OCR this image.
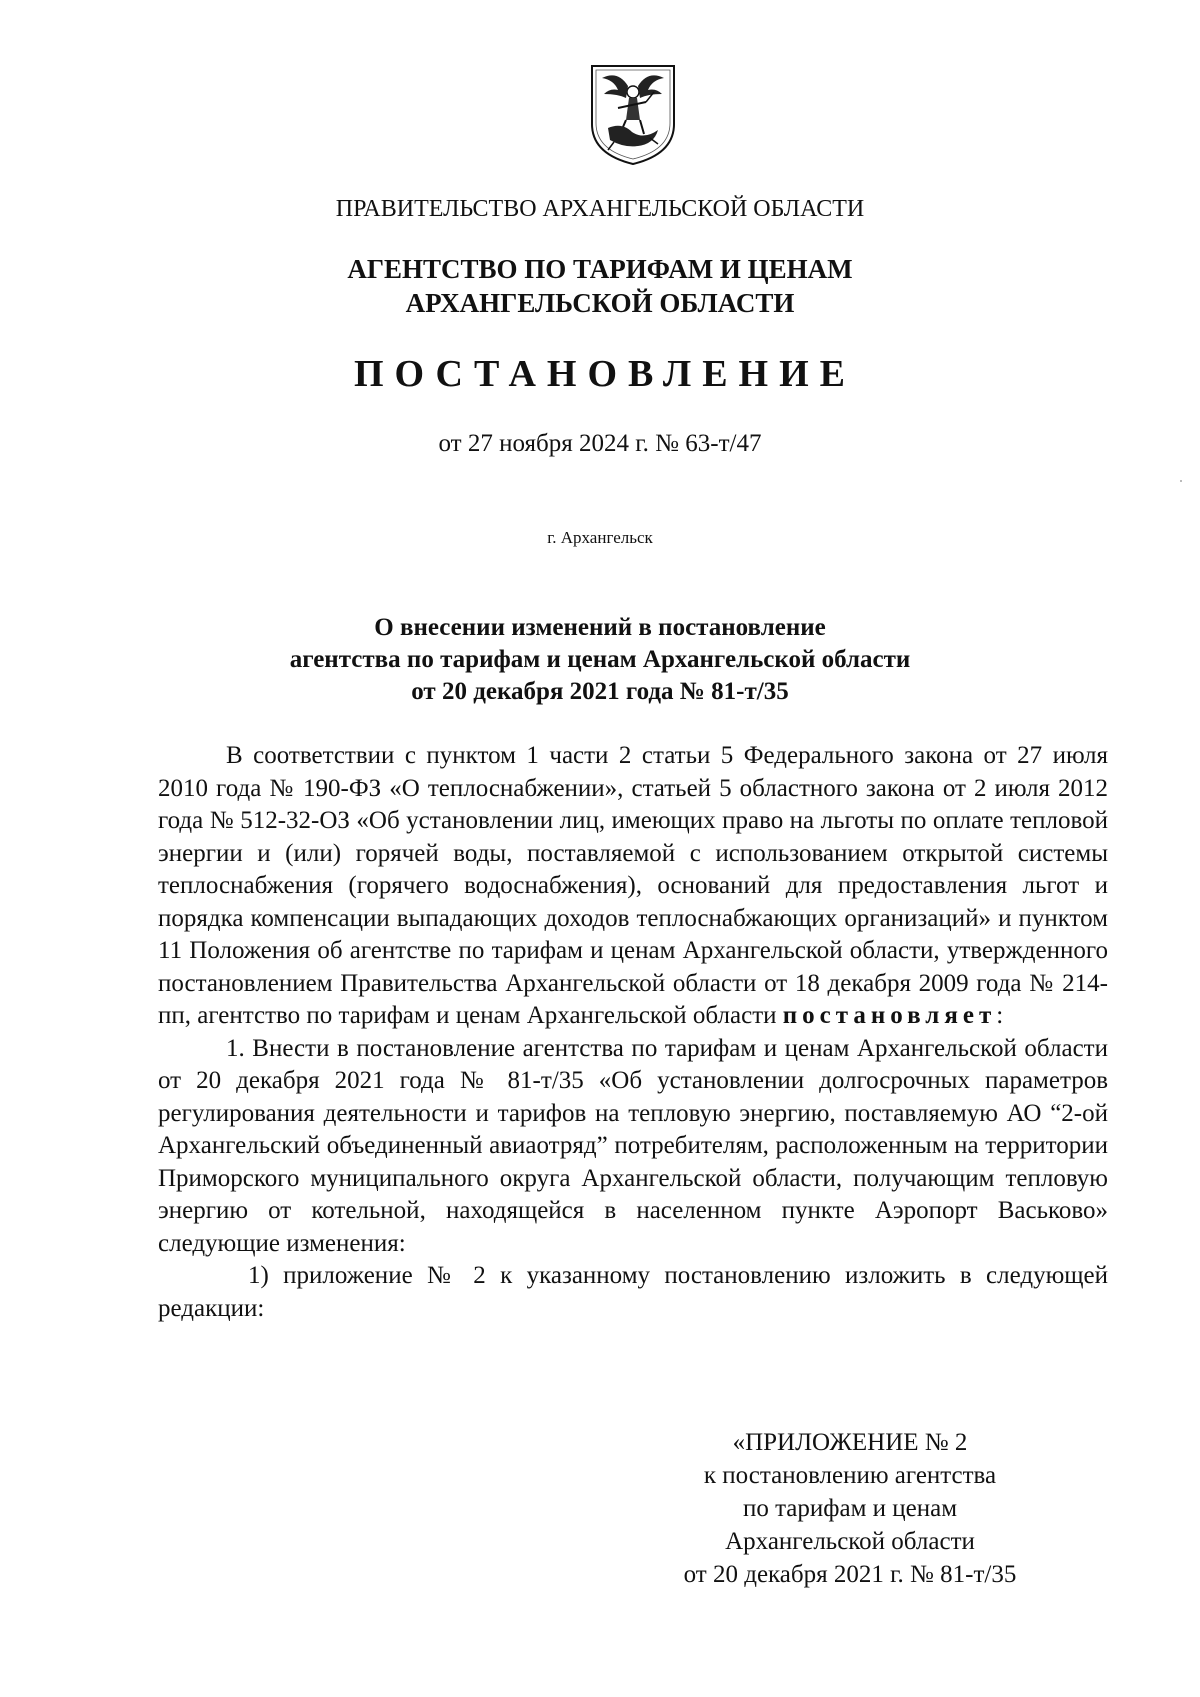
ПРАВИТЕЛЬСТВО АРХАНГЕЛЬСКОЙ ОБЛАСТИ
АГЕНТСТВО ПО ТАРИФАМ И ЦЕНАМ
АРХАНГЕЛЬСКОЙ ОБЛАСТИ
ПОСТАНОВЛЕНИЕ
от 27 ноября 2024 г. № 63-т/47
г. Архангельск
О внесении изменений в постановление
агентства по тарифам и ценам Архангельской области
от 20 декабря 2021 года № 81-т/35

В соответствии с пунктом 1 части 2 статьи 5 Федерального закона от 27 июля 2010 года № 190-ФЗ «О теплоснабжении», статьей 5 областного закона от 2 июля 2012 года № 512-32-ОЗ «Об установлении лиц, имеющих право на льготы по оплате тепловой энергии и (или) горячей воды, поставляемой с использованием открытой системы теплоснабжения (горячего водоснабжения), оснований для предоставления льгот и порядка компенсации выпадающих доходов теплоснабжающих организаций» и пунктом 11 Положения об агентстве по тарифам и ценам Архангельской области, утвержденного постановлением Правительства Архангельской области от 18 декабря 2009 года № 214-пп, агентство по тарифам и ценам Архангельской области постановляет:

1. Внести в постановление агентства по тарифам и ценам Архангельской области от 20 декабря 2021 года № 81-т/35 «Об установлении долгосрочных параметров регулирования деятельности и тарифов на тепловую энергию, поставляемую АО “2-ой Архангельский объединенный авиаотряд” потребителям, расположенным на территории Приморского муниципального округа Архангельской области, получающим тепловую энергию от котельной, находящейся в населенном пункте Аэропорт Васьково» следующие изменения:

1) приложение № 2 к указанному постановлению изложить в следующей редакции:

«ПРИЛОЖЕНИЕ № 2
к постановлению агентства
по тарифам и ценам
Архангельской области
от 20 декабря 2021 г. № 81-т/35
